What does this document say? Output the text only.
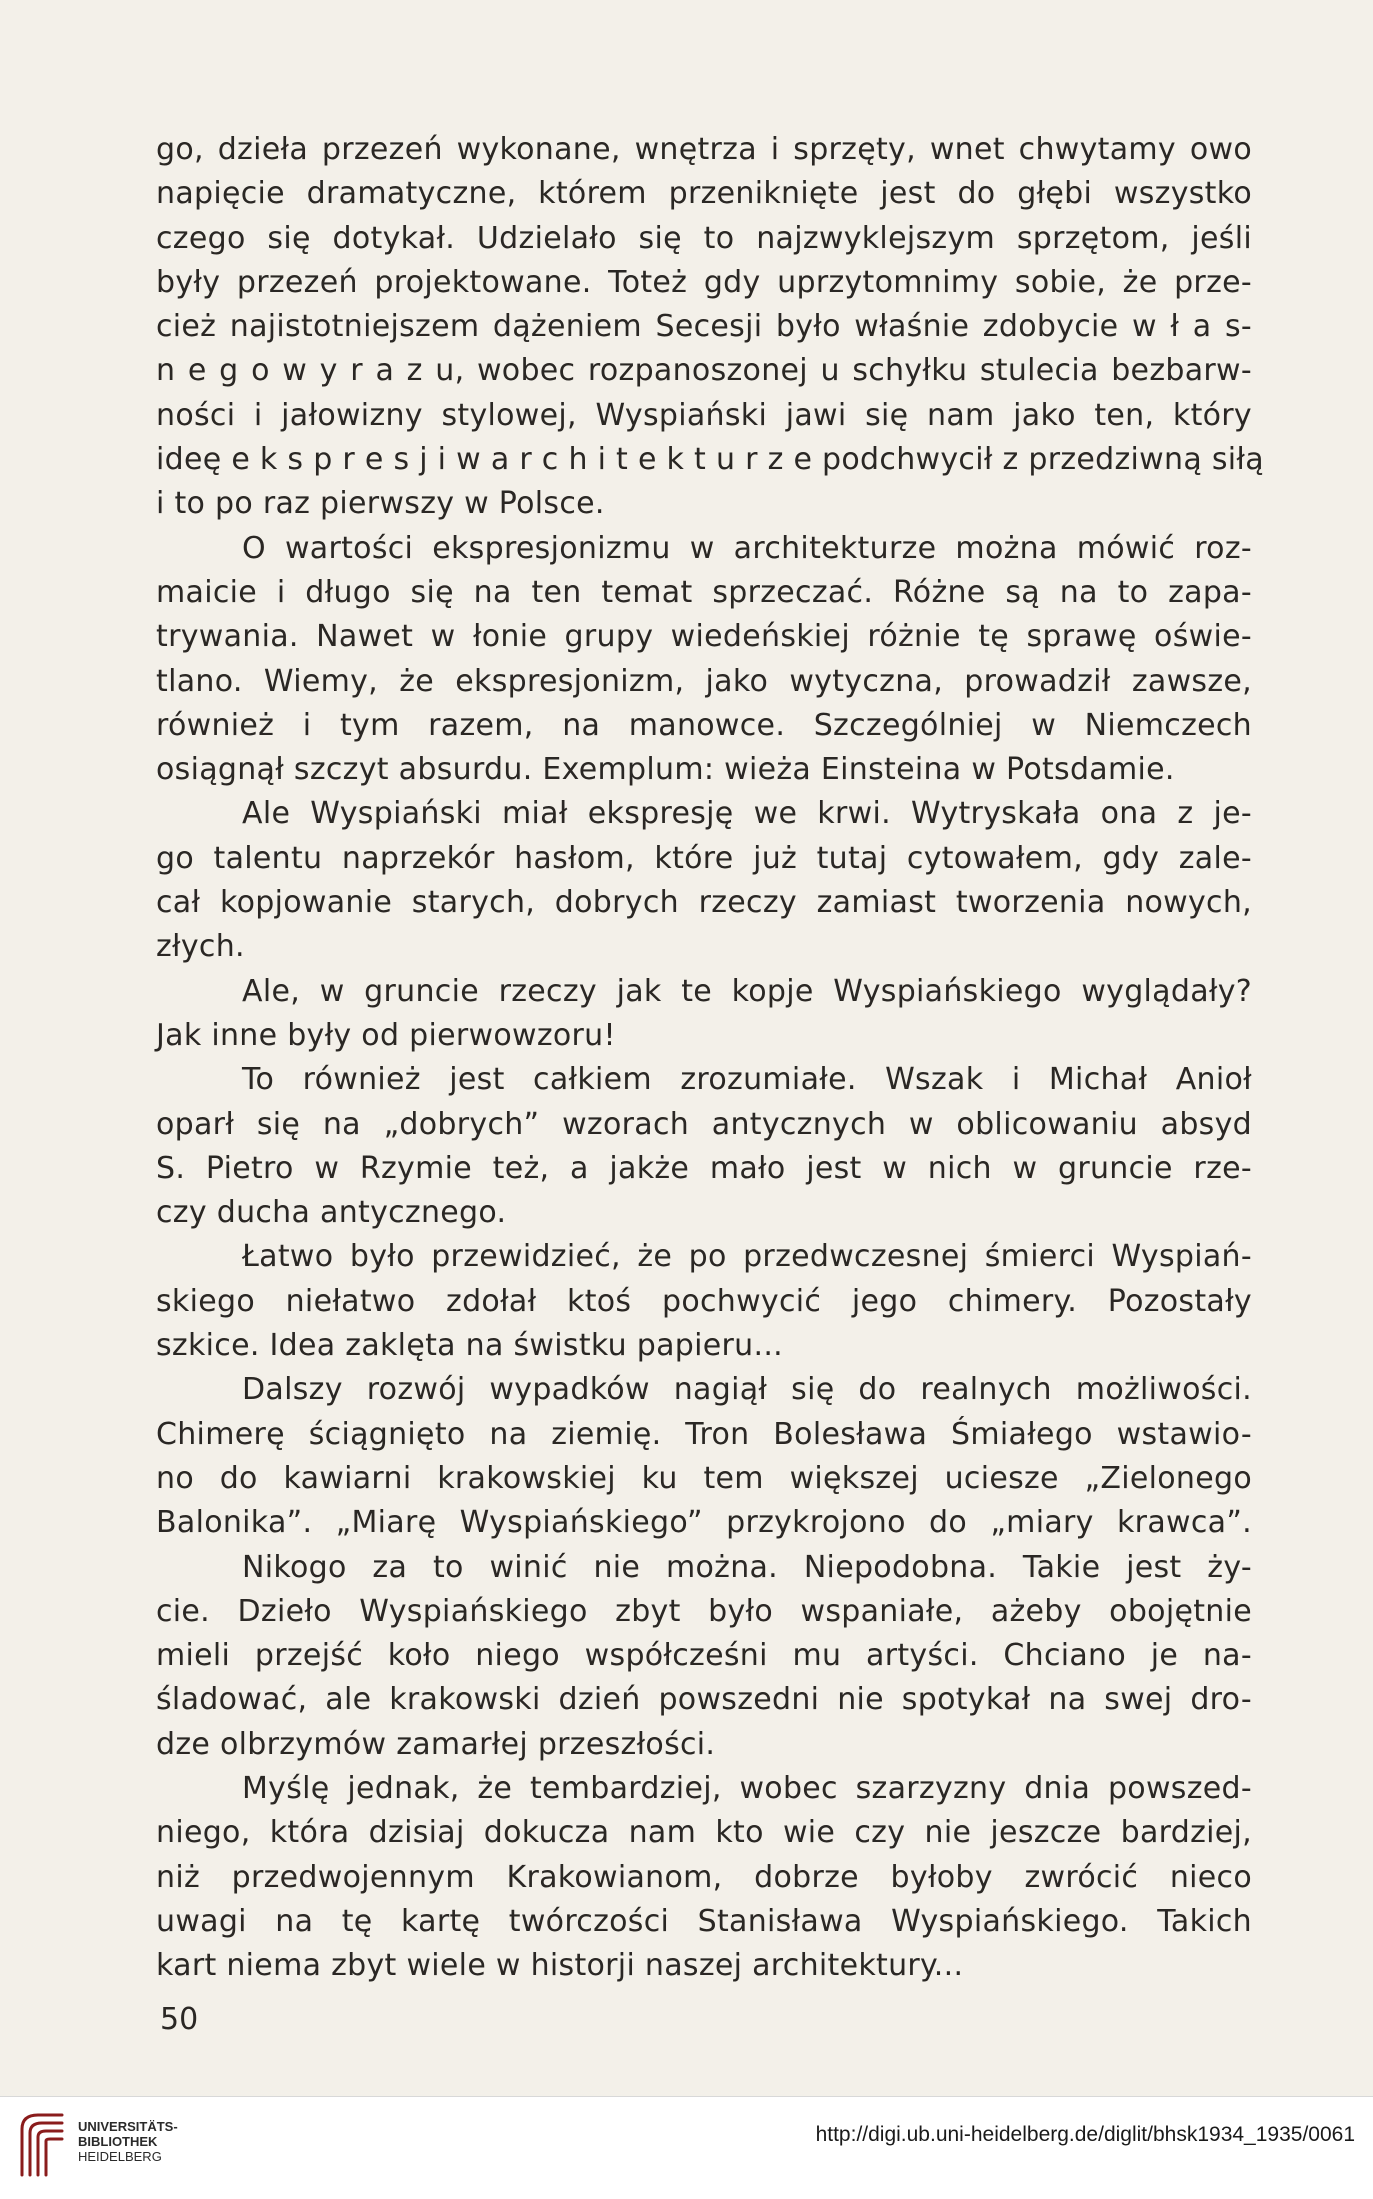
go, dzieła przezeń wykonane, wnętrza i sprzęty, wnet chwytamy owo
napięcie dramatyczne, którem przeniknięte jest do głębi wszystko
czego się dotykał. Udzielało się to najzwyklejszym sprzętom, jeśli
były przezeń projektowane. Toteż gdy uprzytomnimy sobie, że prze-
cież najistotniejszem dążeniem Secesji było właśnie zdobycie w ł a s-
n e g o w y r a z u, wobec rozpanoszonej u schyłku stulecia bezbarw-
ności i jałowizny stylowej, Wyspiański jawi się nam jako ten, który
ideę e k s p r e s j i w a r c h i t e k t u r z e podchwycił z przedziwną siłą
i to po raz pierwszy w Polsce.
O wartości ekspresjonizmu w architekturze można mówić roz-
maicie i długo się na ten temat sprzeczać. Różne są na to zapa-
trywania. Nawet w łonie grupy wiedeńskiej różnie tę sprawę oświe-
tlano. Wiemy, że ekspresjonizm, jako wytyczna, prowadził zawsze,
również i tym razem, na manowce. Szczególniej w Niemczech
osiągnął szczyt absurdu. Exemplum: wieża Einsteina w Potsdamie.
Ale Wyspiański miał ekspresję we krwi. Wytryskała ona z je-
go talentu naprzekór hasłom, które już tutaj cytowałem, gdy zale-
cał kopjowanie starych, dobrych rzeczy zamiast tworzenia nowych,
złych.
Ale, w gruncie rzeczy jak te kopje Wyspiańskiego wyglądały?
Jak inne były od pierwowzoru!
To również jest całkiem zrozumiałe. Wszak i Michał Anioł
oparł się na „dobrych” wzorach antycznych w oblicowaniu absyd
S. Pietro w Rzymie też, a jakże mało jest w nich w gruncie rze-
czy ducha antycznego.
Łatwo było przewidzieć, że po przedwczesnej śmierci Wyspiań-
skiego niełatwo zdołał ktoś pochwycić jego chimery. Pozostały
szkice. Idea zaklęta na świstku papieru...
Dalszy rozwój wypadków nagiął się do realnych możliwości.
Chimerę ściągnięto na ziemię. Tron Bolesława Śmiałego wstawio-
no do kawiarni krakowskiej ku tem większej uciesze „Zielonego
Balonika”. „Miarę Wyspiańskiego” przykrojono do „miary krawca”.
Nikogo za to winić nie można. Niepodobna. Takie jest ży-
cie. Dzieło Wyspiańskiego zbyt było wspaniałe, ażeby obojętnie
mieli przejść koło niego współcześni mu artyści. Chciano je na-
śladować, ale krakowski dzień powszedni nie spotykał na swej dro-
dze olbrzymów zamarłej przeszłości.
Myślę jednak, że tembardziej, wobec szarzyzny dnia powszed-
niego, która dzisiaj dokucza nam kto wie czy nie jeszcze bardziej,
niż przedwojennym Krakowianom, dobrze byłoby zwrócić nieco
uwagi na tę kartę twórczości Stanisława Wyspiańskiego. Takich
kart niema zbyt wiele w historji naszej architektury...
50
UNIVERSITÄTS-
BIBLIOTHEK
HEIDELBERG
http://digi.ub.uni-heidelberg.de/diglit/bhsk1934_1935/0061
